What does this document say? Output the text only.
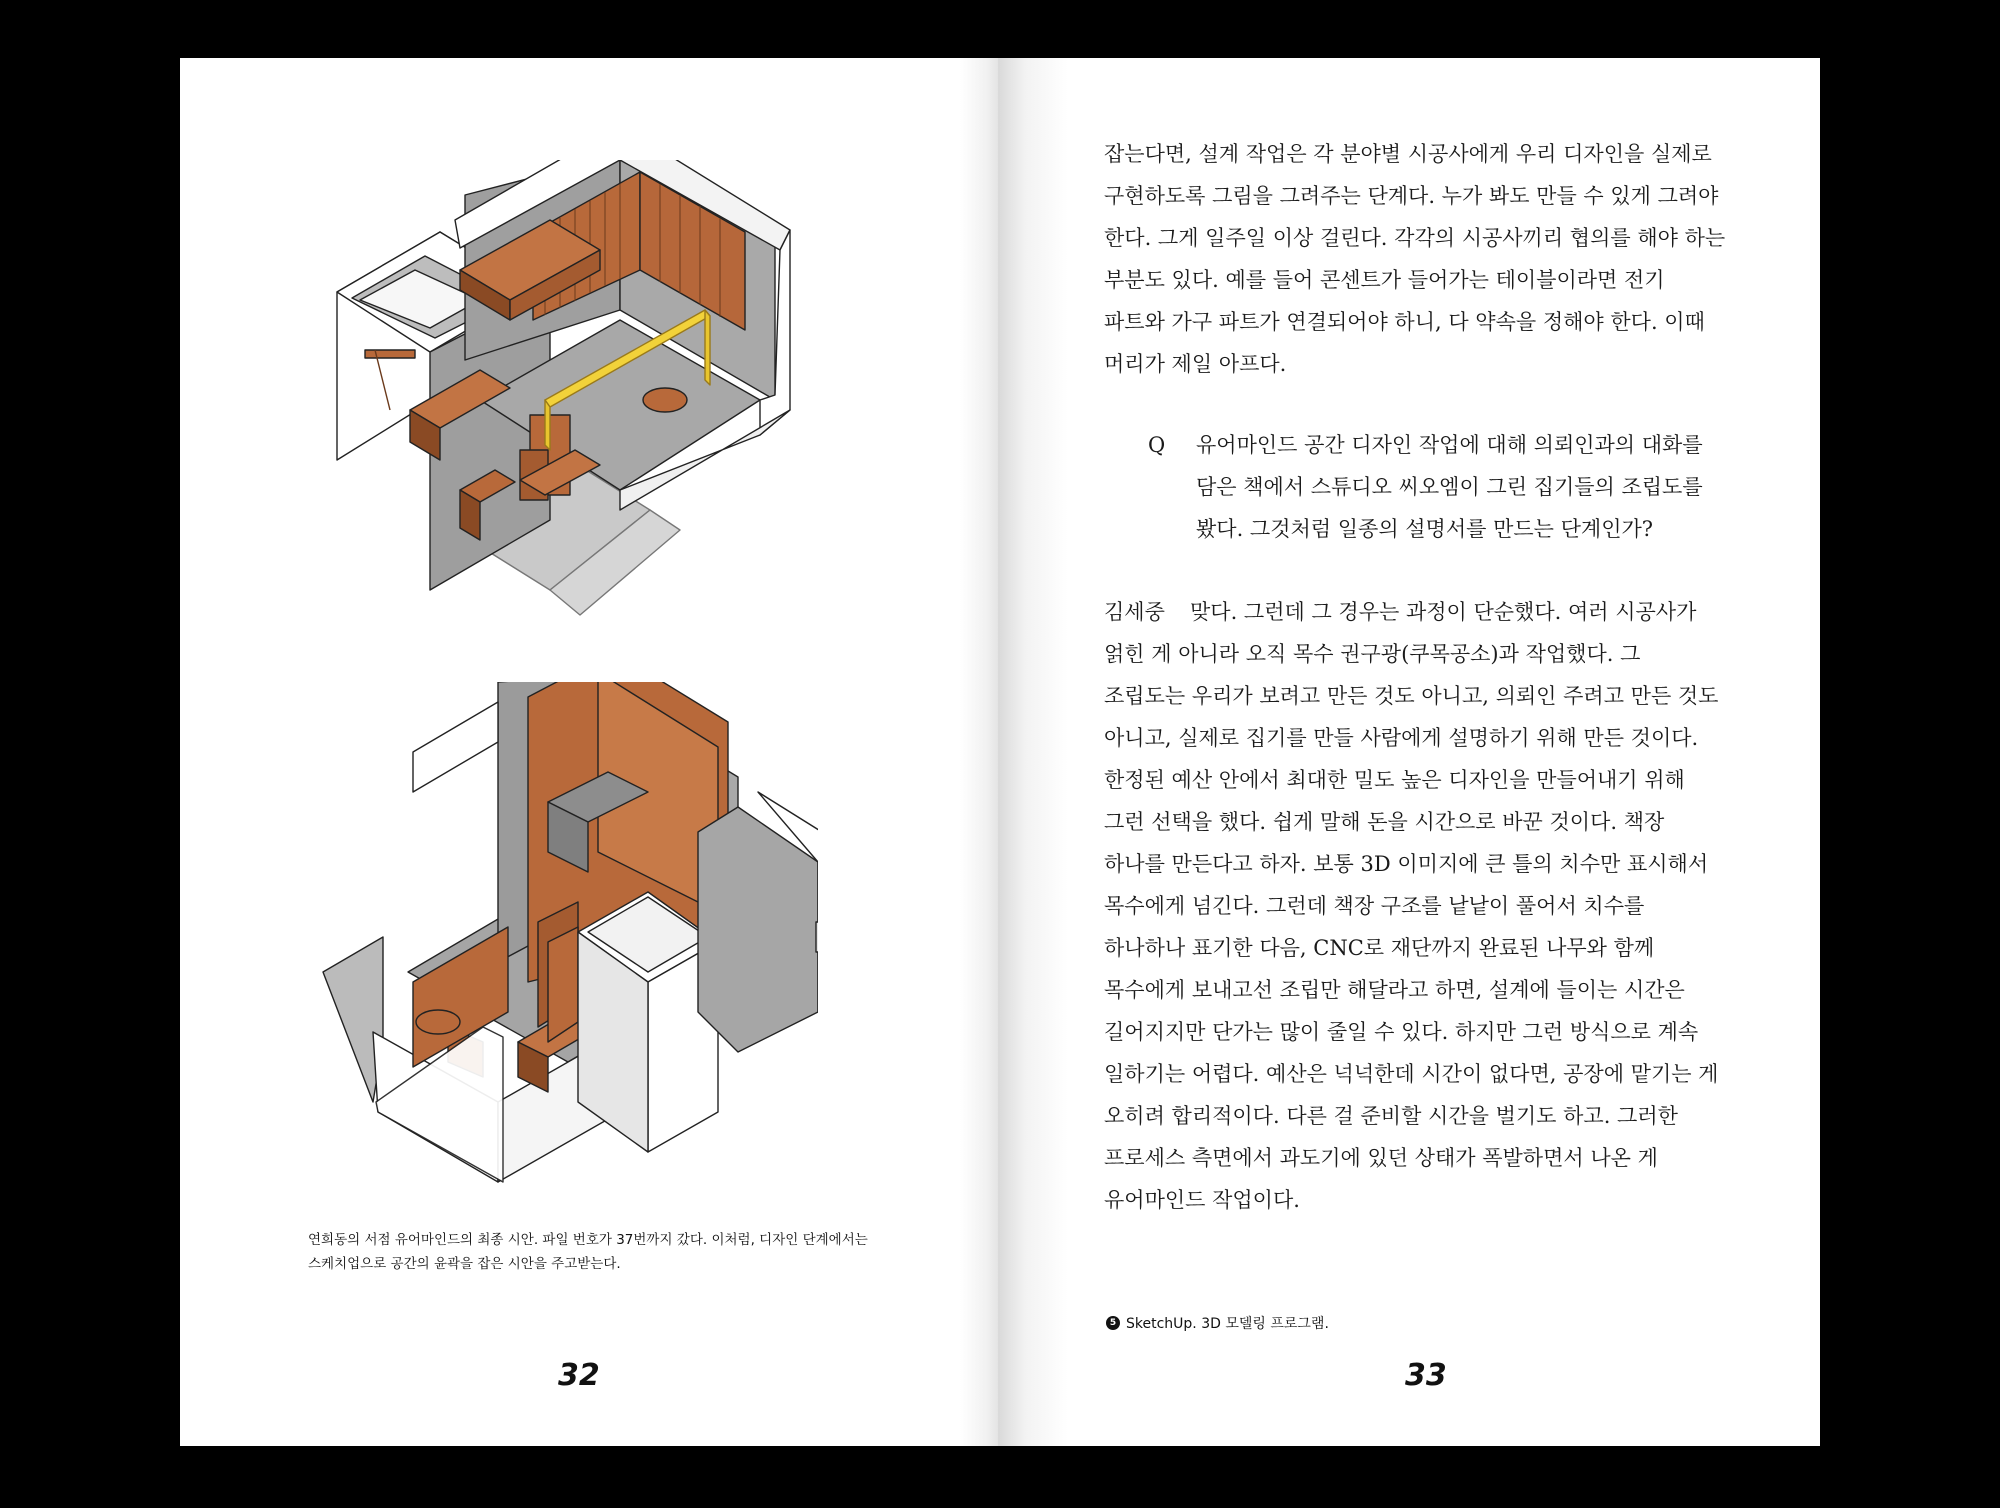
연희동의 서점 유어마인드의 최종 시안. 파일 번호가 37번까지 갔다. 이처럼, 디자인 단계에서는

스케치업으로 공간의 윤곽을 잡은 시안을 주고받는다.

32

잡는다면, 설계 작업은 각 분야별 시공사에게 우리 디자인을 실제로

구현하도록 그림을 그려주는 단계다. 누가 봐도 만들 수 있게 그려야

한다. 그게 일주일 이상 걸린다. 각각의 시공사끼리 협의를 해야 하는

부분도 있다. 예를 들어 콘센트가 들어가는 테이블이라면 전기

파트와 가구 파트가 연결되어야 하니, 다 약속을 정해야 한다. 이때

머리가 제일 아프다.

Q 유어마인드 공간 디자인 작업에 대해 의뢰인과의 대화를

담은 책에서 스튜디오 씨오엠이 그린 집기들의 조립도를

봤다. 그것처럼 일종의 설명서를 만드는 단계인가?

김세중	맞다. 그런데 그 경우는 과정이 단순했다. 여러 시공사가

얽힌 게 아니라 오직 목수 권구광(쿠목공소)과 작업했다. 그

조립도는 우리가 보려고 만든 것도 아니고, 의뢰인 주려고 만든 것도

아니고, 실제로 집기를 만들 사람에게 설명하기 위해 만든 것이다.

한정된 예산 안에서 최대한 밀도 높은 디자인을 만들어내기 위해

그런 선택을 했다. 쉽게 말해 돈을 시간으로 바꾼 것이다. 책장

하나를 만든다고 하자. 보통 3D 이미지에 큰 틀의 치수만 표시해서

목수에게 넘긴다. 그런데 책장 구조를 낱낱이 풀어서 치수를

하나하나 표기한 다음, CNC로 재단까지 완료된 나무와 함께

목수에게 보내고선 조립만 해달라고 하면, 설계에 들이는 시간은

길어지지만 단가는 많이 줄일 수 있다. 하지만 그런 방식으로 계속

일하기는 어렵다. 예산은 넉넉한데 시간이 없다면, 공장에 맡기는 게

오히려 합리적이다. 다른 걸 준비할 시간을 벌기도 하고. 그러한

프로세스 측면에서 과도기에 있던 상태가 폭발하면서 나온 게

유어마인드 작업이다.

5 SketchUp. 3D 모델링 프로그램.
33
